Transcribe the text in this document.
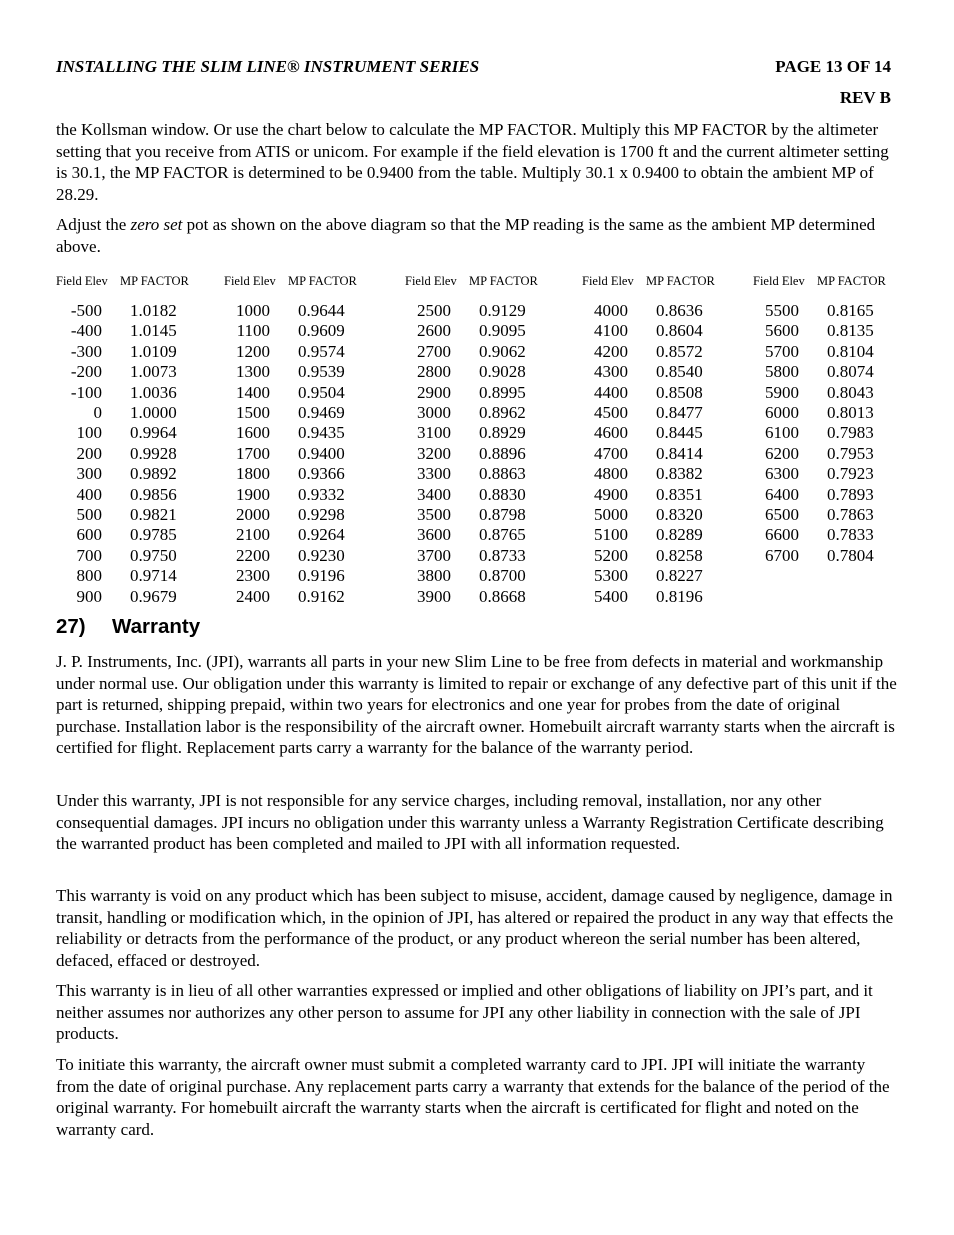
INSTALLING THE SLIM LINE® INSTRUMENT SERIES	PAGE 13 OF 14
REV B
the Kollsman window. Or use the chart below to calculate the MP FACTOR. Multiply this MP FACTOR by the altimeter setting that you receive from ATIS or unicom. For example if the field elevation is 1700 ft and the current altimeter setting is 30.1, the MP FACTOR is determined to be 0.9400 from the table. Multiply 30.1 x 0.9400 to obtain the ambient MP of 28.29.
Adjust the zero set pot as shown on the above diagram so that the MP reading is the same as the ambient MP determined above.
Field Elev MP FACTOR
-500 1.0182
-400 1.0145
-300 1.0109
-200 1.0073
-100 1.0036
0 1.0000
100 0.9964
200 0.9928
300 0.9892
400 0.9856
500 0.9821
600 0.9785
700 0.9750
800 0.9714
900 0.9679
Field Elev MP FACTOR
1000 0.9644
1100 0.9609
1200 0.9574
1300 0.9539
1400 0.9504
1500 0.9469
1600 0.9435
1700 0.9400
1800 0.9366
1900 0.9332
2000 0.9298
2100 0.9264
2200 0.9230
2300 0.9196
2400 0.9162
Field Elev MP FACTOR
2500 0.9129
2600 0.9095
2700 0.9062
2800 0.9028
2900 0.8995
3000 0.8962
3100 0.8929
3200 0.8896
3300 0.8863
3400 0.8830
3500 0.8798
3600 0.8765
3700 0.8733
3800 0.8700
3900 0.8668
Field Elev MP FACTOR
4000 0.8636
4100 0.8604
4200 0.8572
4300 0.8540
4400 0.8508
4500 0.8477
4600 0.8445
4700 0.8414
4800 0.8382
4900 0.8351
5000 0.8320
5100 0.8289
5200 0.8258
5300 0.8227
5400 0.8196
Field Elev MP FACTOR
5500 0.8165
5600 0.8135
5700 0.8104
5800 0.8074
5900 0.8043
6000 0.8013
6100 0.7983
6200 0.7953
6300 0.7923
6400 0.7893
6500 0.7863
6600 0.7833
6700 0.7804
27) Warranty
J. P. Instruments, Inc. (JPI), warrants all parts in your new Slim Line to be free from defects in material and workmanship under normal use. Our obligation under this warranty is limited to repair or exchange of any defective part of this unit if the part is returned, shipping prepaid, within two years for electronics and one year for probes from the date of original purchase. Installation labor is the responsibility of the aircraft owner. Homebuilt aircraft warranty starts when the aircraft is certified for flight. Replacement parts carry a warranty for the balance of the warranty period.
Under this warranty, JPI is not responsible for any service charges, including removal, installation, nor any other consequential damages. JPI incurs no obligation under this warranty unless a Warranty Registration Certificate describing the warranted product has been completed and mailed to JPI with all information requested.
This warranty is void on any product which has been subject to misuse, accident, damage caused by negligence, damage in transit, handling or modification which, in the opinion of JPI, has altered or repaired the product in any way that effects the reliability or detracts from the performance of the product, or any product whereon the serial number has been altered, defaced, effaced or destroyed.
This warranty is in lieu of all other warranties expressed or implied and other obligations of liability on JPI’s part, and it neither assumes nor authorizes any other person to assume for JPI any other liability in connection with the sale of JPI products.
To initiate this warranty, the aircraft owner must submit a completed warranty card to JPI. JPI will initiate the warranty from the date of original purchase. Any replacement parts carry a warranty that extends for the balance of the period of the original warranty. For homebuilt aircraft the warranty starts when the aircraft is certificated for flight and noted on the warranty card.
